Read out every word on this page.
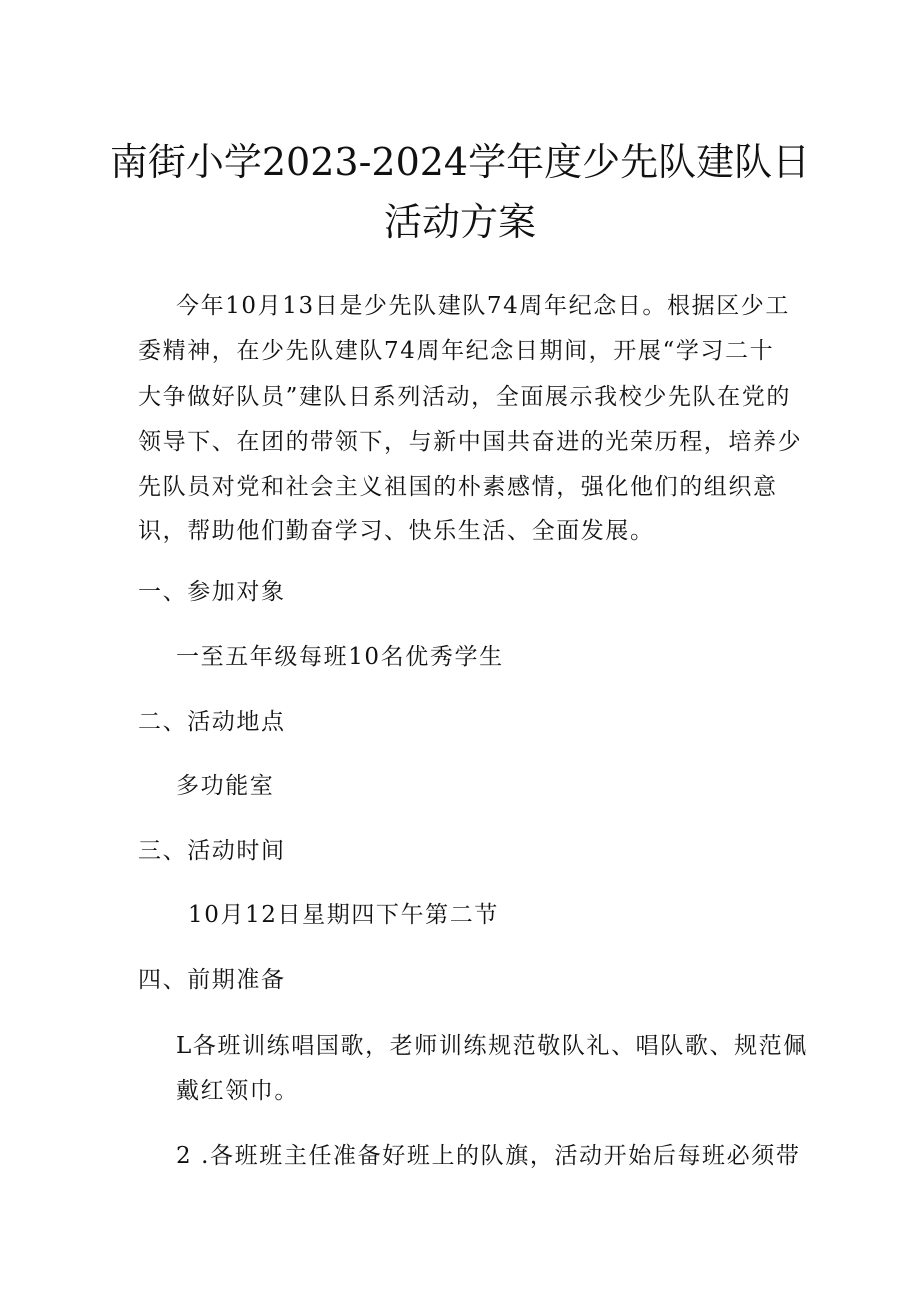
南街小学2023-2024学年度少先队建队日
活动方案
今年10月13日是少先队建队74周年纪念日。根据区少工
委精神，在少先队建队74周年纪念日期间，开展“学习二十
大争做好队员”建队日系列活动，全面展示我校少先队在党的
领导下、在团的带领下，与新中国共奋进的光荣历程，培养少
先队员对党和社会主义祖国的朴素感情，强化他们的组织意
识，帮助他们勤奋学习、快乐生活、全面发展。
一、参加对象
一至五年级每班10名优秀学生
二、活动地点
多功能室
三、活动时间
10月12日星期四下午第二节
四、前期准备
L各班训练唱国歌，老师训练规范敬队礼、唱队歌、规范佩
戴红领巾。
2 .各班班主任准备好班上的队旗，活动开始后每班必须带
